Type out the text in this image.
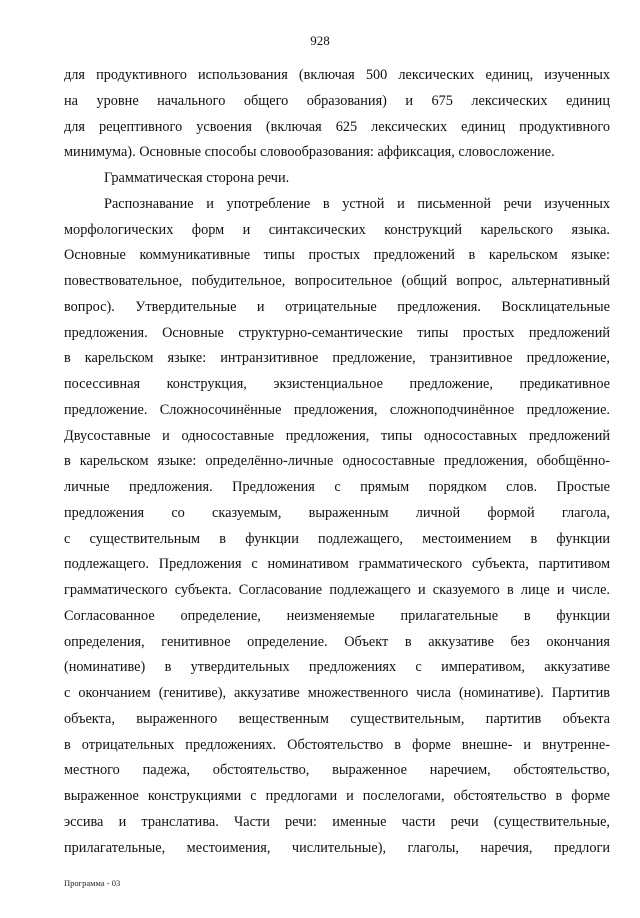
928
для продуктивного использования (включая 500 лексических единиц, изученных
на уровне начального общего образования) и 675 лексических единиц
для рецептивного усвоения (включая 625 лексических единиц продуктивного
минимума). Основные способы словообразования: аффиксация, словосложение.
Грамматическая сторона речи.
Распознавание и употребление в устной и письменной речи изученных
морфологических форм и синтаксических конструкций карельского языка.
Основные коммуникативные типы простых предложений в карельском языке:
повествовательное, побудительное, вопросительное (общий вопрос, альтернативный
вопрос). Утвердительные и отрицательные предложения. Восклицательные
предложения. Основные структурно-семантические типы простых предложений
в карельском языке: интранзитивное предложение, транзитивное предложение,
посессивная конструкция, экзистенциальное предложение, предикативное
предложение. Сложносочинённые предложения, сложноподчинённое предложение.
Двусоставные и односоставные предложения, типы односоставных предложений
в карельском языке: определённо-личные односоставные предложения, обобщённо-
личные предложения. Предложения с прямым порядком слов. Простые
предложения со сказуемым, выраженным личной формой глагола,
с существительным в функции подлежащего, местоимением в функции
подлежащего. Предложения с номинативом грамматического субъекта, партитивом
грамматического субъекта. Согласование подлежащего и сказуемого в лице и числе.
Согласованное определение, неизменяемые прилагательные в функции
определения, генитивное определение. Объект в аккузативе без окончания
(номинативе) в утвердительных предложениях с императивом, аккузативе
с окончанием (генитиве), аккузативе множественного числа (номинативе). Партитив
объекта, выраженного вещественным существительным, партитив объекта
в отрицательных предложениях. Обстоятельство в форме внешне- и внутренне-
местного падежа, обстоятельство, выраженное наречием, обстоятельство,
выраженное конструкциями с предлогами и послелогами, обстоятельство в форме
эссива и транслатива. Части речи: именные части речи (существительные,
прилагательные, местоимения, числительные), глаголы, наречия, предлоги
Программа - 03
